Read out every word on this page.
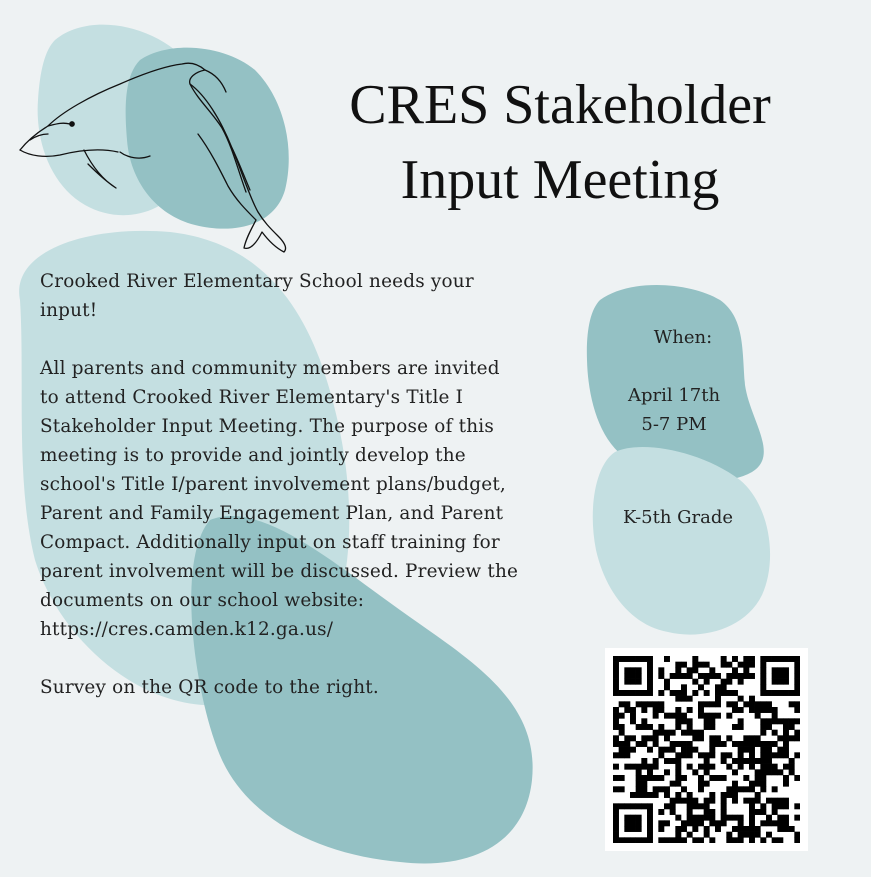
CRES Stakeholder
Input Meeting

Crooked River Elementary School needs your input!

All parents and community members are invited to attend Crooked River Elementary's Title I Stakeholder Input Meeting. The purpose of this meeting is to provide and jointly develop the school's Title I/parent involvement plans/budget, Parent and Family Engagement Plan, and Parent Compact. Additionally input on staff training for parent involvement will be discussed. Preview the documents on our school website:

https://cres.camden.k12.ga.us/

Survey on the QR code to the right.

When:
April 17th
5-7 PM
K-5th Grade
